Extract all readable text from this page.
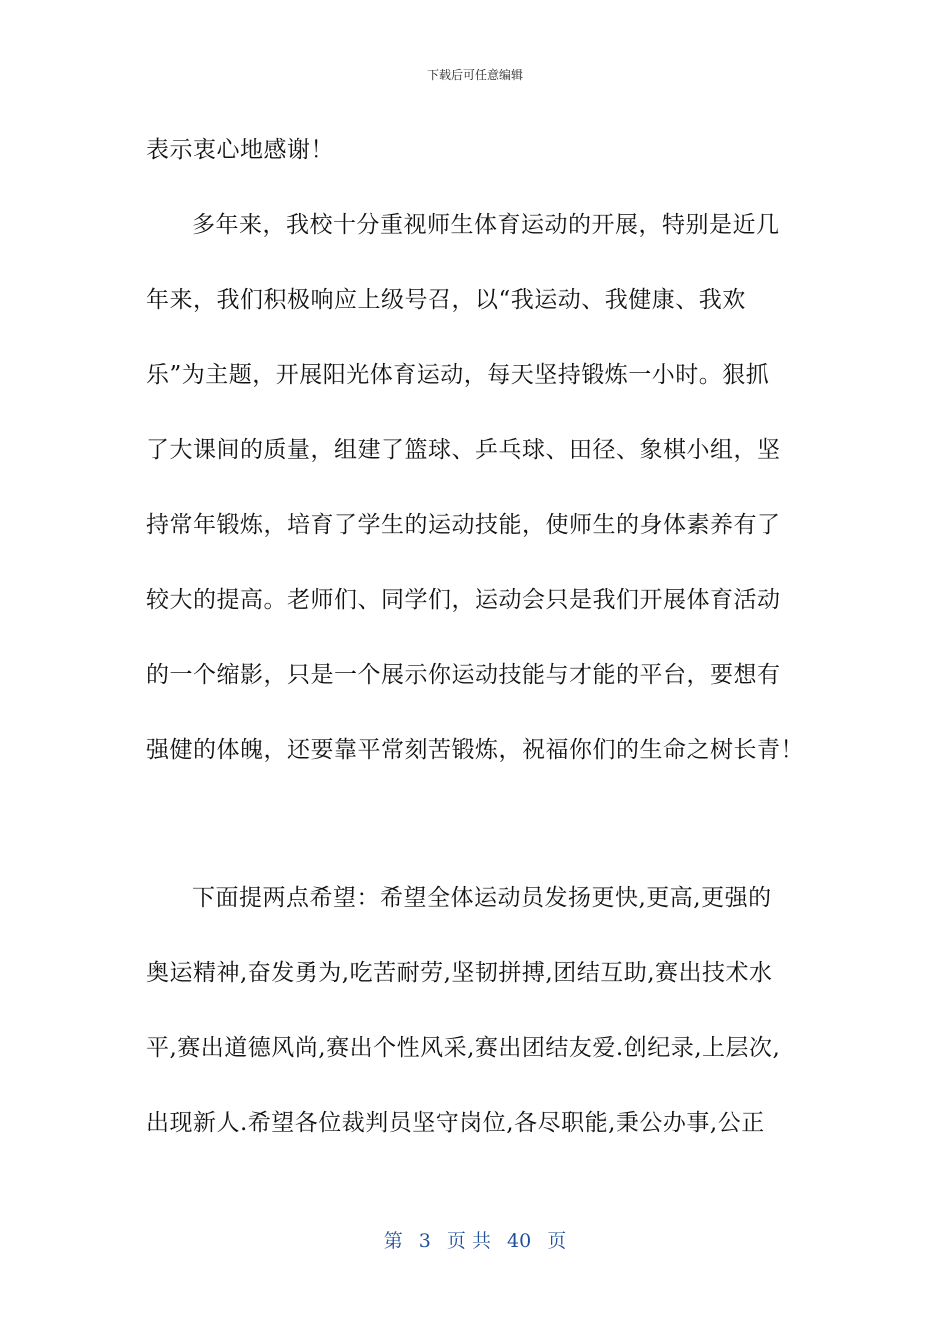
下载后可任意编辑
表示衷心地感谢！
多年来，我校十分重视师生体育运动的开展，特别是近几
年来，我们积极响应上级号召，以“我运动、我健康、我欢
乐”为主题，开展阳光体育运动，每天坚持锻炼一小时。狠抓
了大课间的质量，组建了篮球、乒乓球、田径、象棋小组，坚
持常年锻炼，培育了学生的运动技能，使师生的身体素养有了
较大的提高。老师们、同学们，运动会只是我们开展体育活动
的一个缩影，只是一个展示你运动技能与才能的平台，要想有
强健的体魄，还要靠平常刻苦锻炼，祝福你们的生命之树长青！
下面提两点希望：希望全体运动员发扬更快,更高,更强的
奥运精神,奋发勇为,吃苦耐劳,坚韧拼搏,团结互助,赛出技术水
平,赛出道德风尚,赛出个性风采,赛出团结友爱.创纪录,上层次,
出现新人.希望各位裁判员坚守岗位,各尽职能,秉公办事,公正
第 3 页 共 40 页
